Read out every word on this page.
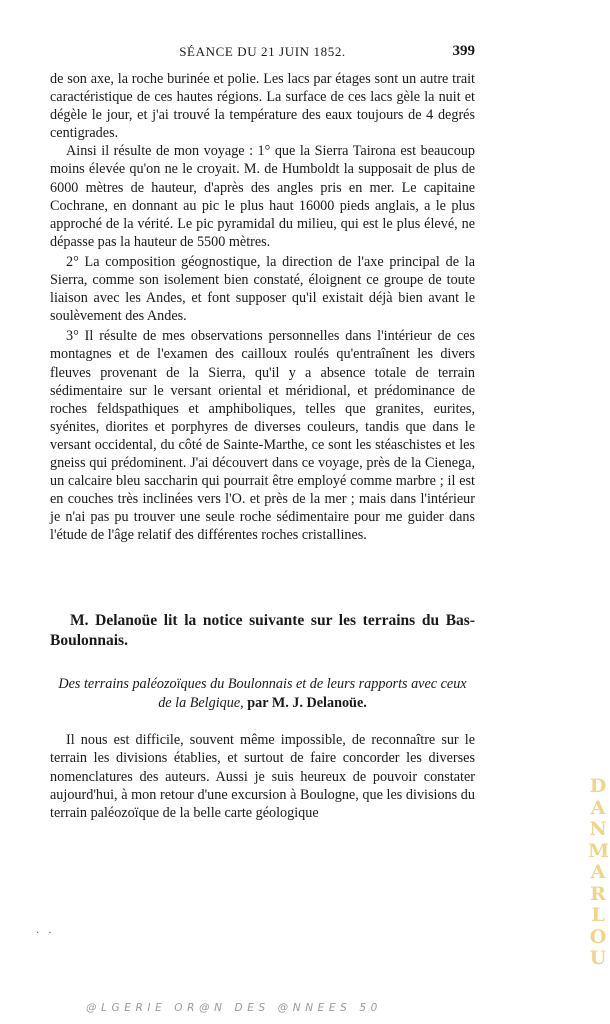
SÉANCE DU 21 JUIN 1852.	399

de son axe, la roche burinée et polie. Les lacs par étages sont un autre trait caractéristique de ces hautes régions. La surface de ces lacs gèle la nuit et dégèle le jour, et j'ai trouvé la température des eaux toujours de 4 degrés centigrades.

Ainsi il résulte de mon voyage : 1° que la Sierra Tairona est beaucoup moins élevée qu'on ne le croyait. M. de Humboldt la supposait de plus de 6000 mètres de hauteur, d'après des angles pris en mer. Le capitaine Cochrane, en donnant au pic le plus haut 16000 pieds anglais, a le plus approché de la vérité. Le pic pyramidal du milieu, qui est le plus élevé, ne dépasse pas la hauteur de 5500 mètres.

2° La composition géognostique, la direction de l'axe principal de la Sierra, comme son isolement bien constaté, éloignent ce groupe de toute liaison avec les Andes, et font supposer qu'il existait déjà bien avant le soulèvement des Andes.

3° Il résulte de mes observations personnelles dans l'intérieur de ces montagnes et de l'examen des cailloux roulés qu'entraînent les divers fleuves provenant de la Sierra, qu'il y a absence totale de terrain sédimentaire sur le versant oriental et méridional, et prédominance de roches feldspathiques et amphiboliques, telles que granites, eurites, syénites, diorites et porphyres de diverses couleurs, tandis que dans le versant occidental, du côté de Sainte-Marthe, ce sont les stéaschistes et les gneiss qui prédominent. J'ai découvert dans ce voyage, près de la Cienega, un calcaire bleu saccharin qui pourrait être employé comme marbre ; il est en couches très inclinées vers l'O. et près de la mer ; mais dans l'intérieur je n'ai pas pu trouver une seule roche sédimentaire pour me guider dans l'étude de l'âge relatif des différentes roches cristallines.

M. Delanoüe lit la notice suivante sur les terrains du Bas-Boulonnais.
Des terrains paléozoïques du Boulonnais et de leurs rapports avec ceux de la Belgique, par M. J. Delanoüe.

Il nous est difficile, souvent même impossible, de reconnaître sur le terrain les divisions établies, et surtout de faire concorder les diverses nomenclatures des auteurs. Aussi je suis heureux de pouvoir constater aujourd'hui, à mon retour d'une excursion à Boulogne, que les divisions du terrain paléozoïque de la belle carte géologique

· ·
D
A
N
M
A
R
L
O
U
@LGERIE OR@N DES @NNEES 50
